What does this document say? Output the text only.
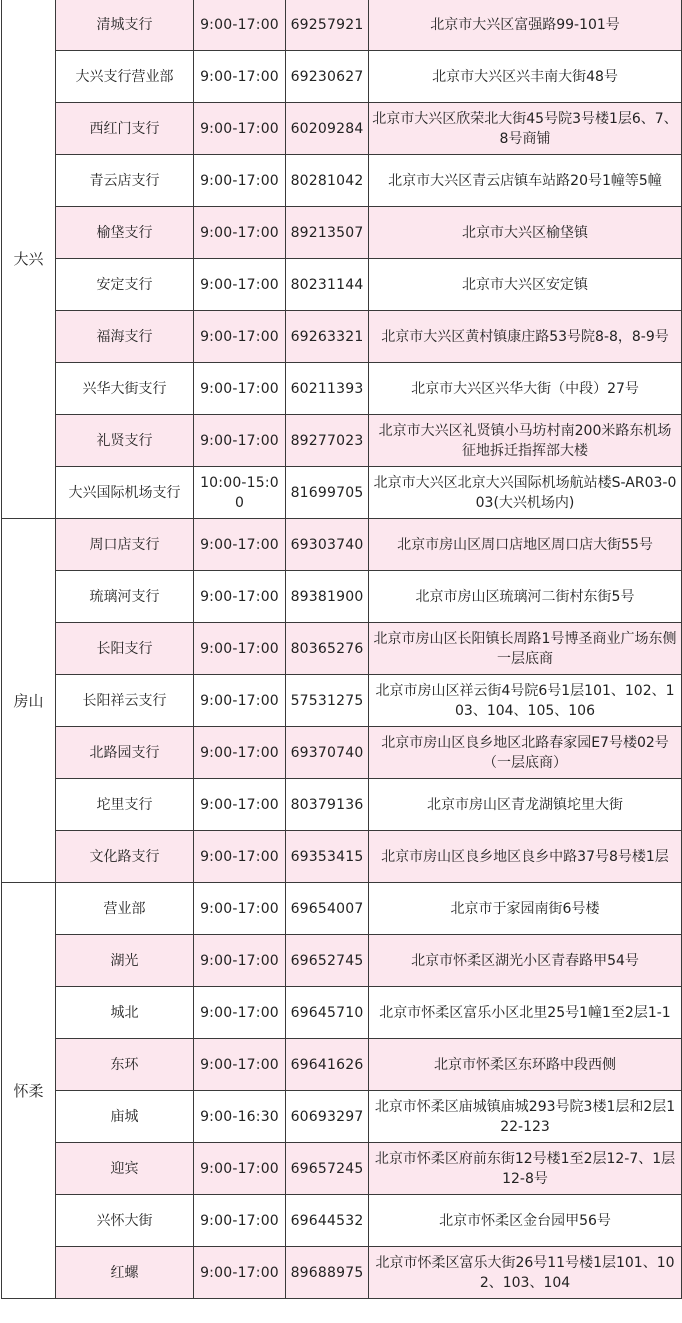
大兴	清城支行	9:00-17:00	69257921	北京市大兴区富强路99-101号
	大兴支行营业部	9:00-17:00	69230627	北京市大兴区兴丰南大街48号
	西红门支行	9:00-17:00	60209284	北京市大兴区欣荣北大街45号院3号楼1层6、7、8号商铺
	青云店支行	9:00-17:00	80281042	北京市大兴区青云店镇车站路20号1幢等5幢
	榆垡支行	9:00-17:00	89213507	北京市大兴区榆垡镇
	安定支行	9:00-17:00	80231144	北京市大兴区安定镇
	福海支行	9:00-17:00	69263321	北京市大兴区黄村镇康庄路53号院8-8，8-9号
	兴华大街支行	9:00-17:00	60211393	北京市大兴区兴华大街（中段）27号
	礼贤支行	9:00-17:00	89277023	北京市大兴区礼贤镇小马坊村南200米路东机场征地拆迁指挥部大楼
	大兴国际机场支行	10:00-15:00	81699705	北京市大兴区北京大兴国际机场航站楼S-AR03-003(大兴机场内)
房山	周口店支行	9:00-17:00	69303740	北京市房山区周口店地区周口店大街55号
	琉璃河支行	9:00-17:00	89381900	北京市房山区琉璃河二街村东街5号
	长阳支行	9:00-17:00	80365276	北京市房山区长阳镇长周路1号博圣商业广场东侧一层底商
	长阳祥云支行	9:00-17:00	57531275	北京市房山区祥云街4号院6号1层101、102、103、104、105、106
	北路园支行	9:00-17:00	69370740	北京市房山区良乡地区北路春家园E7号楼02号（一层底商）
	坨里支行	9:00-17:00	80379136	北京市房山区青龙湖镇坨里大街
	文化路支行	9:00-17:00	69353415	北京市房山区良乡地区良乡中路37号8号楼1层
怀柔	营业部	9:00-17:00	69654007	北京市于家园南街6号楼
	湖光	9:00-17:00	69652745	北京市怀柔区湖光小区青春路甲54号
	城北	9:00-17:00	69645710	北京市怀柔区富乐小区北里25号1幢1至2层1-1
	东环	9:00-17:00	69641626	北京市怀柔区东环路中段西侧
	庙城	9:00-16:30	60693297	北京市怀柔区庙城镇庙城293号院3楼1层和2层122-123
	迎宾	9:00-17:00	69657245	北京市怀柔区府前东街12号楼1至2层12-7、1层12-8号
	兴怀大街	9:00-17:00	69644532	北京市怀柔区金台园甲56号
	红螺	9:00-17:00	89688975	北京市怀柔区富乐大街26号11号楼1层101、102、103、104
